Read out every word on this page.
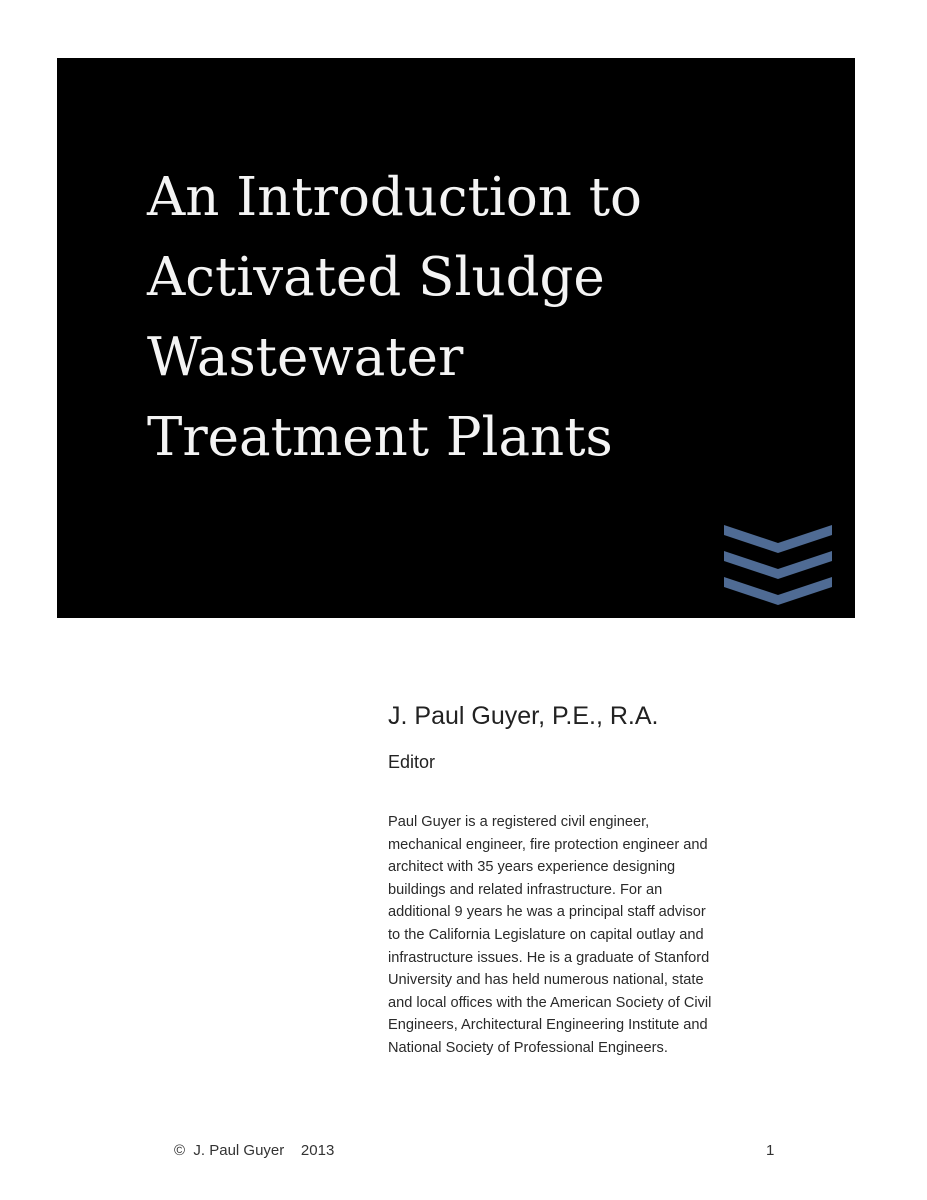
An Introduction to
Activated Sludge
Wastewater
Treatment Plants
J. Paul Guyer, P.E., R.A.
Editor

Paul Guyer is a registered civil engineer,
mechanical engineer, fire protection engineer and
architect with 35 years experience designing
buildings and related infrastructure. For an
additional 9 years he was a principal staff advisor
to the California Legislature on capital outlay and
infrastructure issues. He is a graduate of Stanford
University and has held numerous national, state
and local offices with the American Society of Civil
Engineers, Architectural Engineering Institute and
National Society of Professional Engineers.

©  J. Paul Guyer    2013	1
